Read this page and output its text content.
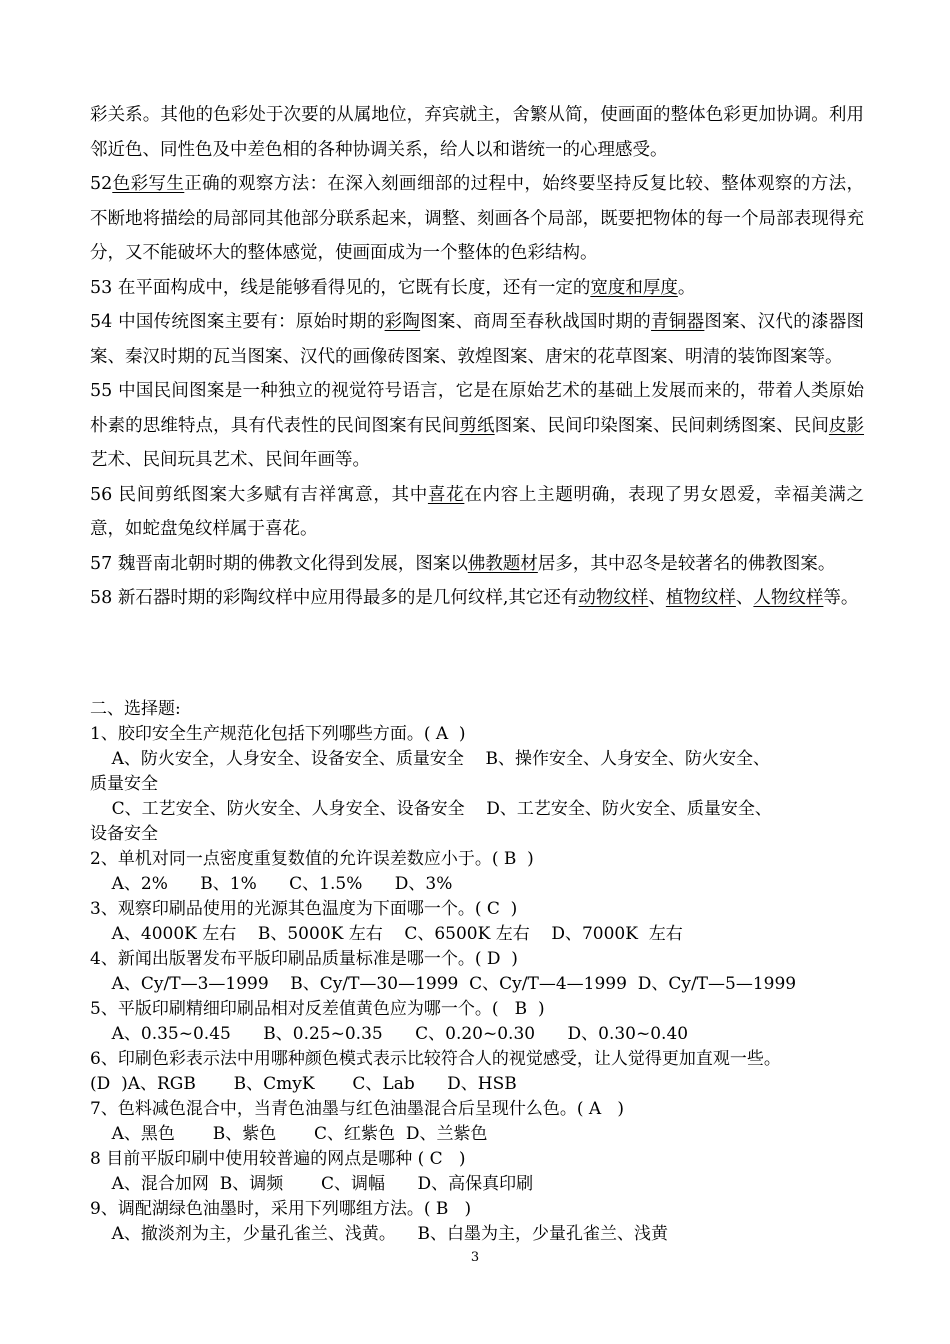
彩关系。其他的色彩处于次要的从属地位，弃宾就主，舍繁从简，使画面的整体色彩更加协调。利用邻近色、同性色及中差色相的各种协调关系，给人以和谐统一的心理感受。

52色彩写生正确的观察方法：在深入刻画细部的过程中，始终要坚持反复比较、整体观察的方法，不断地将描绘的局部同其他部分联系起来，调整、刻画各个局部，既要把物体的每一个局部表现得充分，又不能破坏大的整体感觉，使画面成为一个整体的色彩结构。

53 在平面构成中，线是能够看得见的，它既有长度，还有一定的宽度和厚度。

54 中国传统图案主要有：原始时期的彩陶图案、商周至春秋战国时期的青铜器图案、汉代的漆器图案、秦汉时期的瓦当图案、汉代的画像砖图案、敦煌图案、唐宋的花草图案、明清的装饰图案等。

55 中国民间图案是一种独立的视觉符号语言，它是在原始艺术的基础上发展而来的，带着人类原始朴素的思维特点，具有代表性的民间图案有民间剪纸图案、民间印染图案、民间刺绣图案、民间皮影艺术、民间玩具艺术、民间年画等。

56 民间剪纸图案大多赋有吉祥寓意，其中喜花在内容上主题明确，表现了男女恩爱，幸福美满之意，如蛇盘兔纹样属于喜花。

57 魏晋南北朝时期的佛教文化得到发展，图案以佛教题材居多，其中忍冬是较著名的佛教图案。

58 新石器时期的彩陶纹样中应用得最多的是几何纹样,其它还有动物纹样、植物纹样、人物纹样等。

二、选择题:
1、胶印安全生产规范化包括下列哪些方面。( A  )
A、防火安全，人身安全、设备安全、质量安全    B、操作安全、人身安全、防火安全、
质量安全
C、工艺安全、防火安全、人身安全、设备安全    D、工艺安全、防火安全、质量安全、
设备安全
2、单机对同一点密度重复数值的允许误差数应小于。( B  )
A、2%      B、1%      C、1.5%      D、3%
3、观察印刷品使用的光源其色温度为下面哪一个。( C  )
A、4000K 左右    B、5000K 左右    C、6500K 左右    D、7000K  左右
4、新闻出版署发布平版印刷品质量标准是哪一个。( D  )
A、Cy/T—3—1999    B、Cy/T—30—1999  C、Cy/T—4—1999  D、Cy/T—5—1999
5、平版印刷精细印刷品相对反差值黄色应为哪一个。(   B  )
A、0.35~0.45      B、0.25~0.35      C、0.20~0.30      D、0.30~0.40
6、印刷色彩表示法中用哪种颜色模式表示比较符合人的视觉感受，让人觉得更加直观一些。
(D  )A、RGB       B、CmyK       C、Lab      D、HSB
7、色料减色混合中，当青色油墨与红色油墨混合后呈现什么色。( A   )
A、黑色       B、紫色       C、红紫色  D、兰紫色
8 目前平版印刷中使用较普遍的网点是哪种 ( C   )
A、混合加网  B、调频       C、调幅      D、高保真印刷
9、调配湖绿色油墨时，采用下列哪组方法。( B   )
A、撤淡剂为主，少量孔雀兰、浅黄。    B、白墨为主，少量孔雀兰、浅黄
3
